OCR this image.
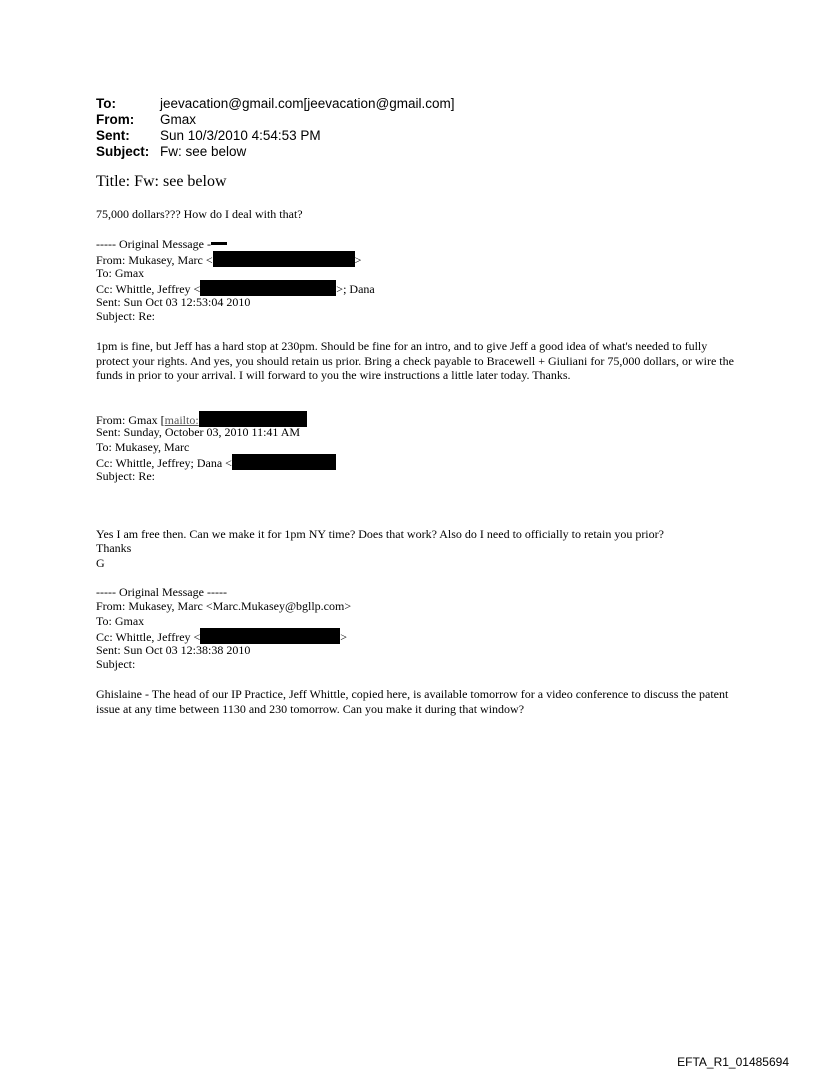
To:	jeevacation@gmail.com[jeevacation@gmail.com]
From:	Gmax
Sent:	Sun 10/3/2010 4:54:53 PM
Subject: Fw: see below
Title: Fw: see below
75,000 dollars??? How do I deal with that?
----- Original Message -
From: Mukasey, Marc <	>
To: Gmax
Cc: Whittle, Jeffrey <	>; Dana
Sent: Sun Oct 03 12:53:04 2010
Subject: Re:
1pm is fine, but Jeff has a hard stop at 230pm. Should be fine for an intro, and to give Jeff a good idea of what's needed to fully protect your rights. And yes, you should retain us prior. Bring a check payable to Bracewell + Giuliani for 75,000 dollars, or wire the funds in prior to your arrival. I will forward to you the wire instructions a little later today. Thanks.
From: Gmax [mailto:
Sent: Sunday, October 03, 2010 11:41 AM
To: Mukasey, Marc
Cc: Whittle, Jeffrey; Dana <
Subject: Re:
Yes I am free then. Can we make it for 1pm NY time? Does that work? Also do I need to officially to retain you prior?
Thanks
G
----- Original Message -----
From: Mukasey, Marc <Marc.Mukasey@bgllp.com>
To: Gmax
Cc: Whittle, Jeffrey <	>
Sent: Sun Oct 03 12:38:38 2010
Subject:
Ghislaine - The head of our IP Practice, Jeff Whittle, copied here, is available tomorrow for a video conference to discuss the patent issue at any time between 1130 and 230 tomorrow. Can you make it during that window?
EFTA_R1_01485694
